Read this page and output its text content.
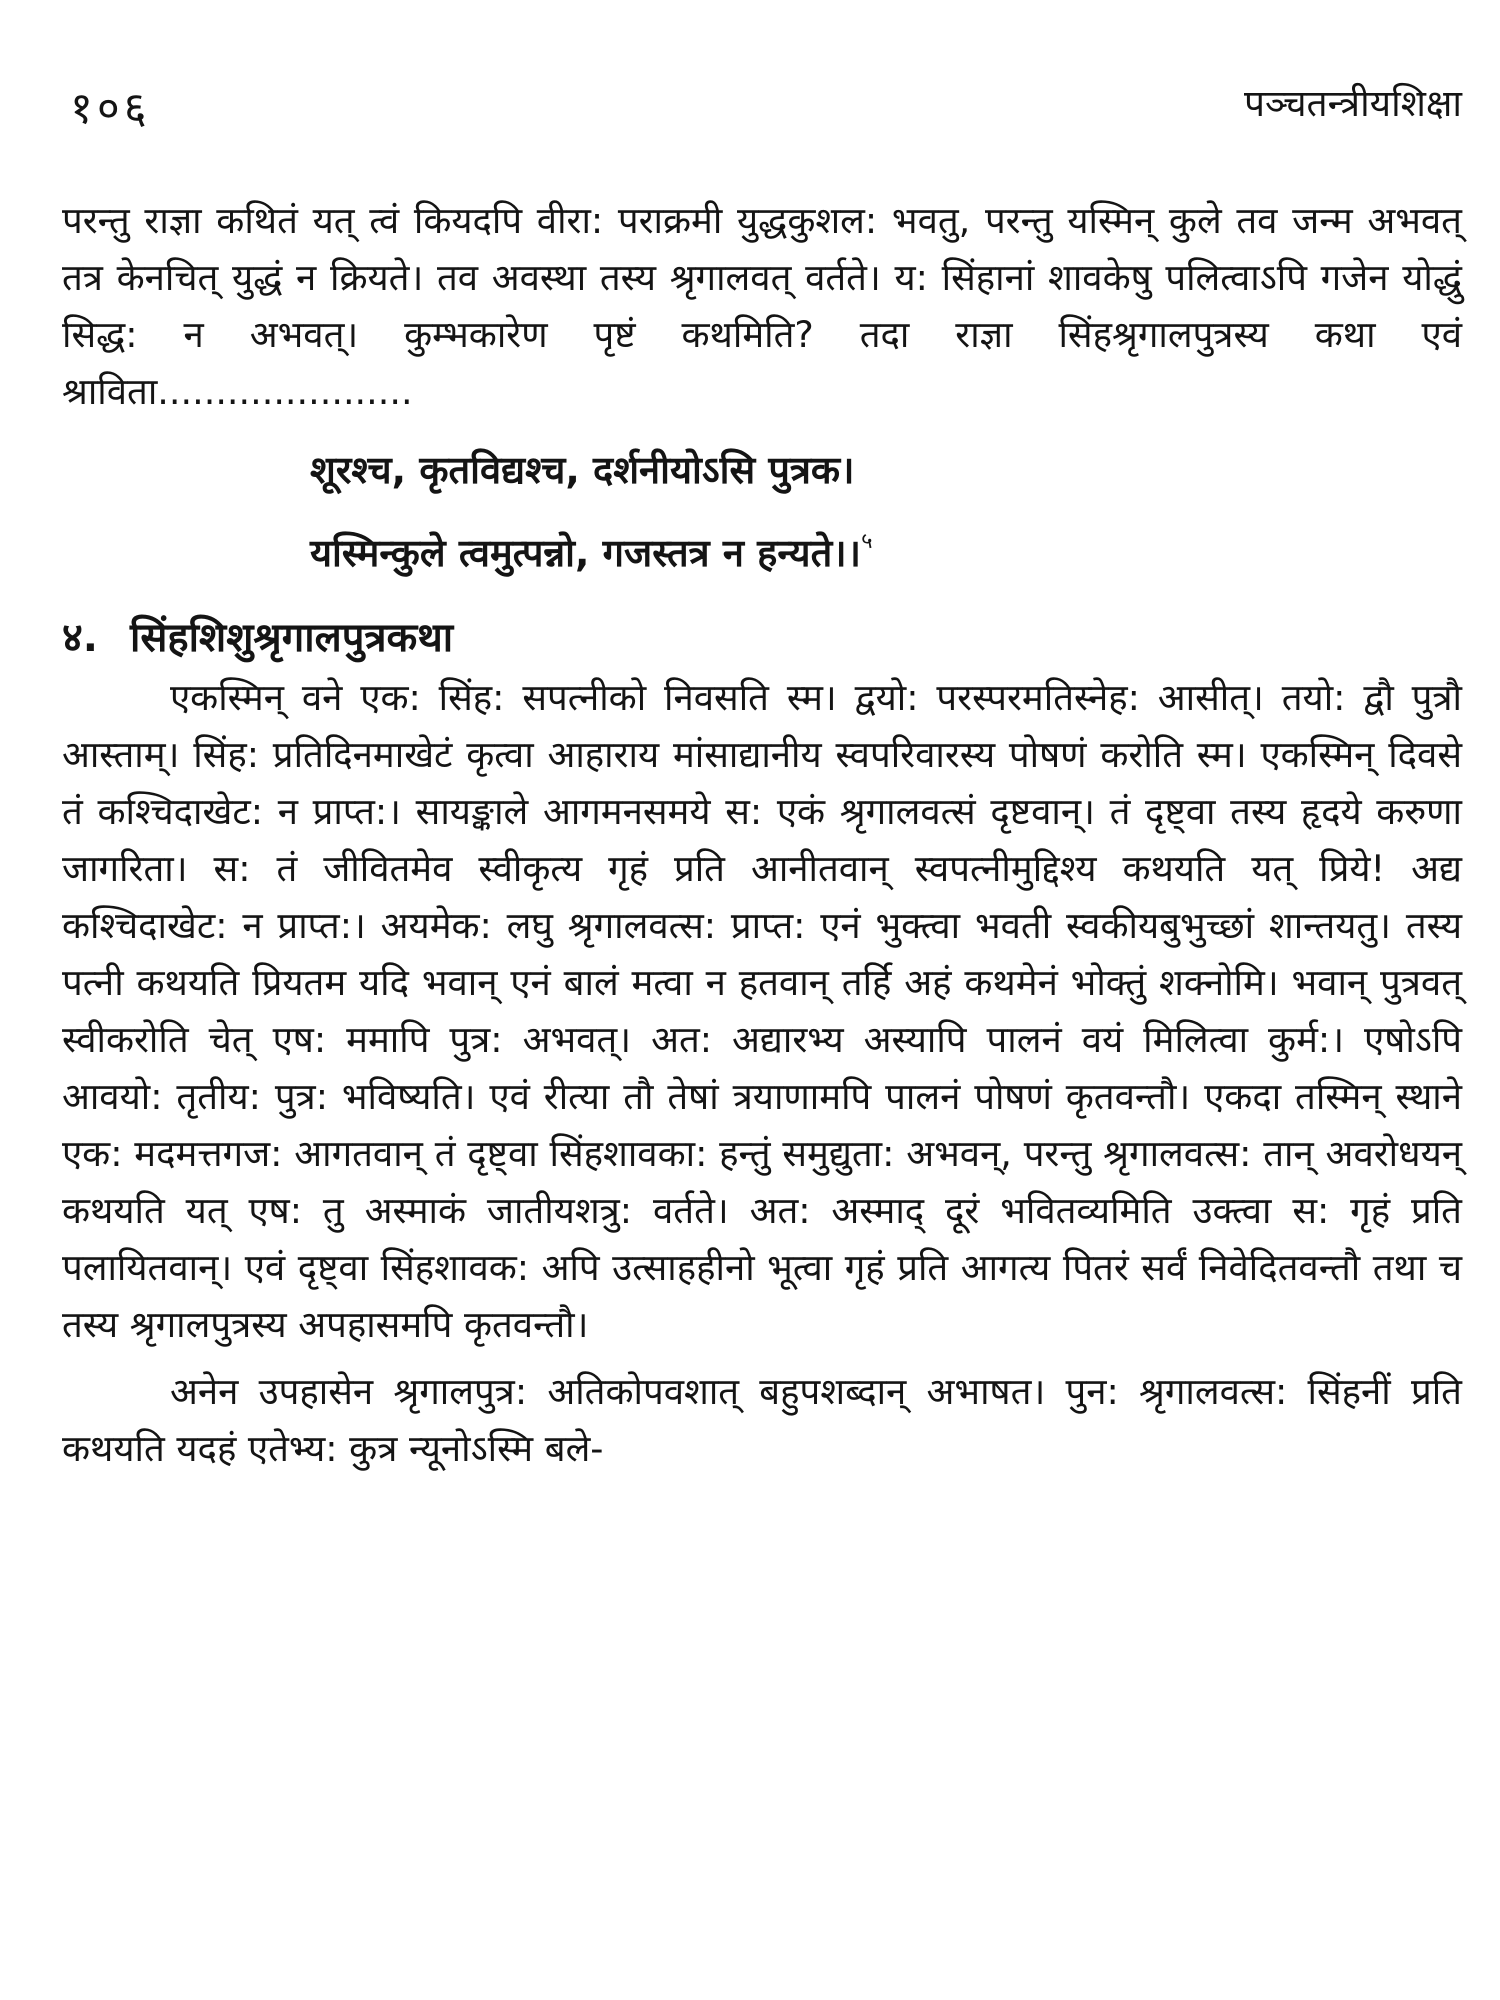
१०६	पञ्चतन्त्रीयशिक्षा

परन्तु राज्ञा कथितं यत् त्वं कियदपि वीरा: पराक्रमी युद्धकुशल: भवतु, परन्तु यस्मिन् कुले तव जन्म अभवत् तत्र केनचित् युद्धं न क्रियते। तव अवस्था तस्य श्रृगालवत् वर्तते। य: सिंहानां शावकेषु पलित्वाऽपि गजेन योद्धुं सिद्ध: न अभवत्। कुम्भकारेण पृष्टं कथमिति? तदा राज्ञा सिंहश्रृगालपुत्रस्य कथा एवं श्राविता......................

शूरश्च, कृतविद्यश्च, दर्शनीयोऽसि पुत्रक।
यस्मिन्कुले त्वमुत्पन्नो, गजस्तत्र न हन्यते।।$^५$
४. सिंहशिशुश्रृगालपुत्रकथा

एकस्मिन् वने एक: सिंह: सपत्नीको निवसति स्म। द्वयो: परस्परमतिस्नेह: आसीत्। तयो: द्वौ पुत्रौ आस्ताम्। सिंह: प्रतिदिनमाखेटं कृत्वा आहाराय मांसाद्यानीय स्वपरिवारस्य पोषणं करोति स्म। एकस्मिन् दिवसे तं कश्चिदाखेट: न प्राप्त:। सायङ्काले आगमनसमये स: एकं श्रृगालवत्सं दृष्टवान्। तं दृष्ट्वा तस्य हृदये करुणा जागरिता। स: तं जीवितमेव स्वीकृत्य गृहं प्रति आनीतवान् स्वपत्नीमुद्दिश्य कथयति यत् प्रिये! अद्य कश्चिदाखेट: न प्राप्त:। अयमेक: लघु श्रृगालवत्स: प्राप्त: एनं भुक्त्वा भवती स्वकीयबुभुच्छां शान्तयतु। तस्य पत्नी कथयति प्रियतम यदि भवान् एनं बालं मत्वा न हतवान् तर्हि अहं कथमेनं भोक्तुं शक्नोमि। भवान् पुत्रवत् स्वीकरोति चेत् एष: ममापि पुत्र: अभवत्। अत: अद्यारभ्य अस्यापि पालनं वयं मिलित्वा कुर्म:। एषोऽपि आवयो: तृतीय: पुत्र: भविष्यति। एवं रीत्या तौ तेषां त्रयाणामपि पालनं पोषणं कृतवन्तौ। एकदा तस्मिन् स्थाने एक: मदमत्तगज: आगतवान् तं दृष्ट्वा सिंहशावका: हन्तुं समुद्युता: अभवन्, परन्तु श्रृगालवत्स: तान् अवरोधयन् कथयति यत् एष: तु अस्माकं जातीयशत्रु: वर्तते। अत: अस्माद् दूरं भवितव्यमिति उक्त्वा स: गृहं प्रति पलायितवान्। एवं दृष्ट्वा सिंहशावक: अपि उत्साहहीनो भूत्वा गृहं प्रति आगत्य पितरं सर्वं निवेदितवन्तौ तथा च तस्य श्रृगालपुत्रस्य अपहासमपि कृतवन्तौ।

अनेन उपहासेन श्रृगालपुत्र: अतिकोपवशात् बहुपशब्दान् अभाषत। पुन: श्रृगालवत्स: सिंहनीं प्रति कथयति यदहं एतेभ्य: कुत्र न्यूनोऽस्मि बले-
